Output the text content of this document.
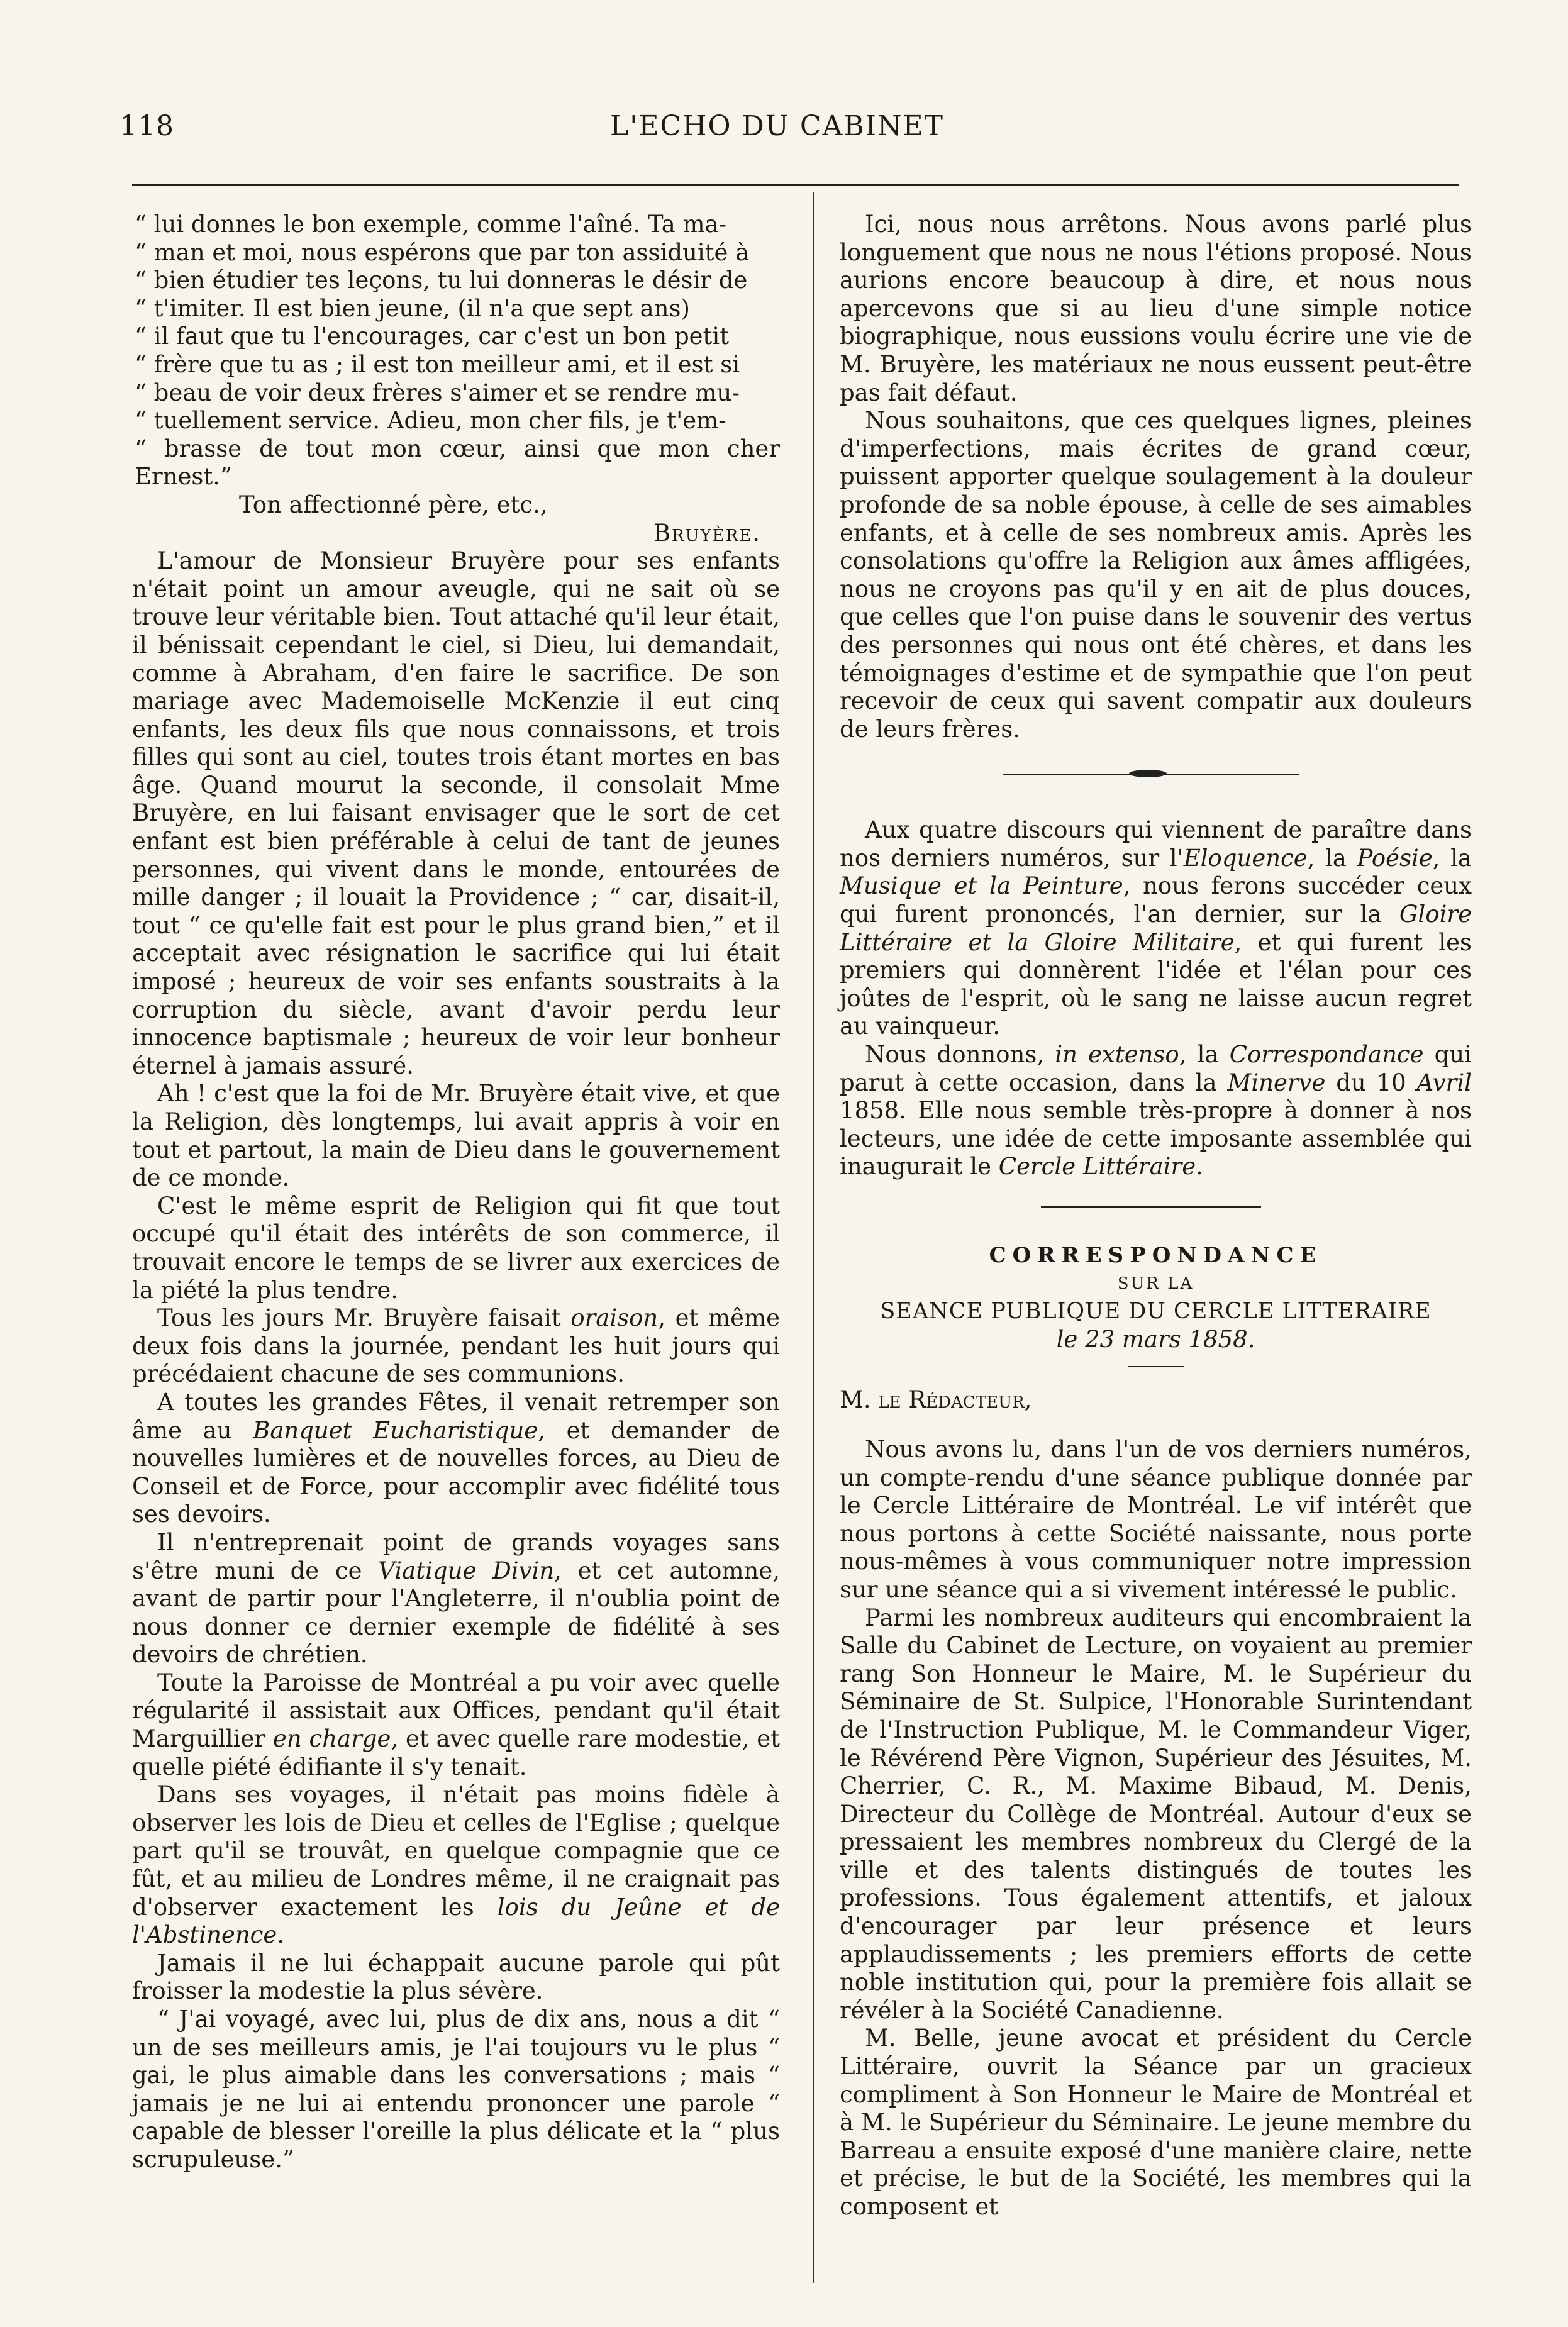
118	L'ECHO DU CABINET

“ lui donnes le bon exemple, comme l'aîné. Ta ma-

“ man et moi, nous espérons que par ton assiduité à

“ bien étudier tes leçons, tu lui donneras le désir de

“ t'imiter. Il est bien jeune, (il n'a que sept ans)

“ il faut que tu l'encourages, car c'est un bon petit

“ frère que tu as ; il est ton meilleur ami, et il est si

“ beau de voir deux frères s'aimer et se rendre mu-

“ tuellement service. Adieu, mon cher fils, je t'em-

“ brasse de tout mon cœur, ainsi que mon cher Ernest.”

Ton affectionné père, etc.,

Bruyère.

L'amour de Monsieur Bruyère pour ses enfants n'était point un amour aveugle, qui ne sait où se trouve leur véritable bien. Tout attaché qu'il leur était, il bénissait cependant le ciel, si Dieu, lui demandait, comme à Abraham, d'en faire le sacrifice. De son mariage avec Mademoiselle McKenzie il eut cinq enfants, les deux fils que nous connaissons, et trois filles qui sont au ciel, toutes trois étant mortes en bas âge. Quand mourut la seconde, il consolait Mme Bruyère, en lui faisant envisager que le sort de cet enfant est bien préférable à celui de tant de jeunes personnes, qui vivent dans le monde, entourées de mille danger ; il louait la Providence ; “ car, disait-il, tout “ ce qu'elle fait est pour le plus grand bien,” et il acceptait avec résignation le sacrifice qui lui était imposé ; heureux de voir ses enfants soustraits à la corruption du siècle, avant d'avoir perdu leur innocence baptismale ; heureux de voir leur bonheur éternel à jamais assuré.

Ah ! c'est que la foi de Mr. Bruyère était vive, et que la Religion, dès longtemps, lui avait appris à voir en tout et partout, la main de Dieu dans le gouvernement de ce monde.

C'est le même esprit de Religion qui fit que tout occupé qu'il était des intérêts de son commerce, il trouvait encore le temps de se livrer aux exercices de la piété la plus tendre.

Tous les jours Mr. Bruyère faisait oraison, et même deux fois dans la journée, pendant les huit jours qui précédaient chacune de ses communions.

A toutes les grandes Fêtes, il venait retremper son âme au Banquet Eucharistique, et demander de nouvelles lumières et de nouvelles forces, au Dieu de Conseil et de Force, pour accomplir avec fidélité tous ses devoirs.

Il n'entreprenait point de grands voyages sans s'être muni de ce Viatique Divin, et cet automne, avant de partir pour l'Angleterre, il n'oublia point de nous donner ce dernier exemple de fidélité à ses devoirs de chrétien.

Toute la Paroisse de Montréal a pu voir avec quelle régularité il assistait aux Offices, pendant qu'il était Marguillier en charge, et avec quelle rare modestie, et quelle piété édifiante il s'y tenait.

Dans ses voyages, il n'était pas moins fidèle à observer les lois de Dieu et celles de l'Eglise ; quelque part qu'il se trouvât, en quelque compagnie que ce fût, et au milieu de Londres même, il ne craignait pas d'observer exactement les lois du Jeûne et de l'Abstinence.

Jamais il ne lui échappait aucune parole qui pût froisser la modestie la plus sévère.

“ J'ai voyagé, avec lui, plus de dix ans, nous a dit “ un de ses meilleurs amis, je l'ai toujours vu le plus “ gai, le plus aimable dans les conversations ; mais “ jamais je ne lui ai entendu prononcer une parole “ capable de blesser l'oreille la plus délicate et la “ plus scrupuleuse.”

Ici, nous nous arrêtons. Nous avons parlé plus longuement que nous ne nous l'étions proposé. Nous aurions encore beaucoup à dire, et nous nous apercevons que si au lieu d'une simple notice biographique, nous eussions voulu écrire une vie de M. Bruyère, les matériaux ne nous eussent peut-être pas fait défaut.

Nous souhaitons, que ces quelques lignes, pleines d'imperfections, mais écrites de grand cœur, puissent apporter quelque soulagement à la douleur profonde de sa noble épouse, à celle de ses aimables enfants, et à celle de ses nombreux amis. Après les consolations qu'offre la Religion aux âmes affligées, nous ne croyons pas qu'il y en ait de plus douces, que celles que l'on puise dans le souvenir des vertus des personnes qui nous ont été chères, et dans les témoignages d'estime et de sympathie que l'on peut recevoir de ceux qui savent compatir aux douleurs de leurs frères.

Aux quatre discours qui viennent de paraître dans nos derniers numéros, sur l'Eloquence, la Poésie, la Musique et la Peinture, nous ferons succéder ceux qui furent prononcés, l'an dernier, sur la Gloire Littéraire et la Gloire Militaire, et qui furent les premiers qui donnèrent l'idée et l'élan pour ces joûtes de l'esprit, où le sang ne laisse aucun regret au vainqueur.

Nous donnons, in extenso, la Correspondance qui parut à cette occasion, dans la Minerve du 10 Avril 1858. Elle nous semble très-propre à donner à nos lecteurs, une idée de cette imposante assemblée qui inaugurait le Cercle Littéraire.

CORRESPONDANCE

SUR LA

SEANCE PUBLIQUE DU CERCLE LITTERAIRE

le 23 mars 1858.

M. le Rédacteur,

Nous avons lu, dans l'un de vos derniers numéros, un compte-rendu d'une séance publique donnée par le Cercle Littéraire de Montréal. Le vif intérêt que nous portons à cette Société naissante, nous porte nous-mêmes à vous communiquer notre impression sur une séance qui a si vivement intéressé le public.

Parmi les nombreux auditeurs qui encombraient la Salle du Cabinet de Lecture, on voyaient au premier rang Son Honneur le Maire, M. le Supérieur du Séminaire de St. Sulpice, l'Honorable Surintendant de l'Instruction Publique, M. le Commandeur Viger, le Révérend Père Vignon, Supérieur des Jésuites, M. Cherrier, C. R., M. Maxime Bibaud, M. Denis, Directeur du Collège de Montréal. Autour d'eux se pressaient les membres nombreux du Clergé de la ville et des talents distingués de toutes les professions. Tous également attentifs, et jaloux d'encourager par leur présence et leurs applaudissements ; les premiers efforts de cette noble institution qui, pour la première fois allait se révéler à la Société Canadienne.

M. Belle, jeune avocat et président du Cercle Littéraire, ouvrit la Séance par un gracieux compliment à Son Honneur le Maire de Montréal et à M. le Supérieur du Séminaire. Le jeune membre du Barreau a ensuite exposé d'une manière claire, nette et précise, le but de la Société, les membres qui la composent et
